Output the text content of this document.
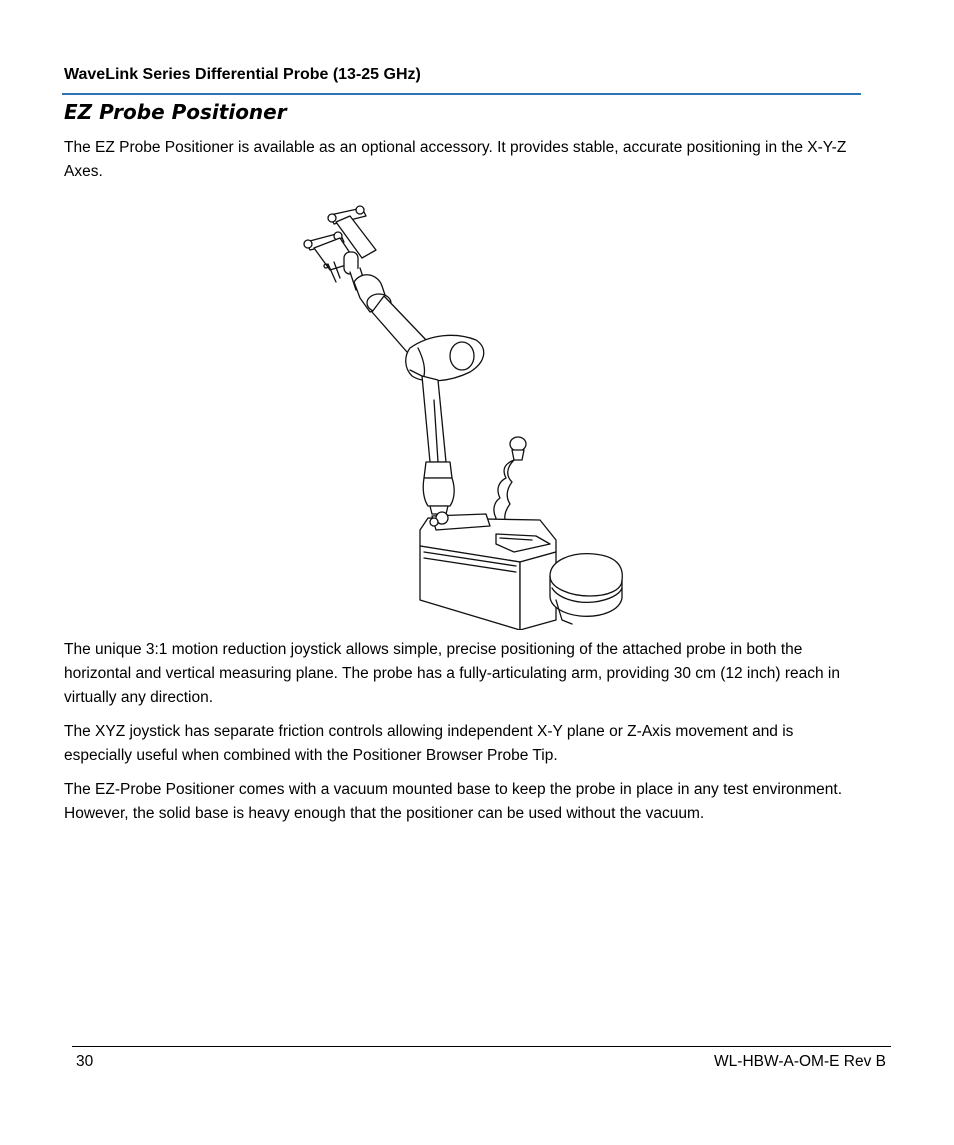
WaveLink Series Differential Probe (13-25 GHz)
EZ Probe Positioner

The EZ Probe Positioner is available as an optional accessory. It provides stable, accurate positioning in the X-Y-Z Axes.

The unique 3:1 motion reduction joystick allows simple, precise positioning of the attached probe in both the horizontal and vertical measuring plane. The probe has a fully-articulating arm, providing 30 cm (12 inch) reach in virtually any direction.

The XYZ joystick has separate friction controls allowing independent X-Y plane or Z-Axis movement and is especially useful when combined with the Positioner Browser Probe Tip.

The EZ-Probe Positioner comes with a vacuum mounted base to keep the probe in place in any test environment. However, the solid base is heavy enough that the positioner can be used without the vacuum.

30	WL-HBW-A-OM-E Rev B
